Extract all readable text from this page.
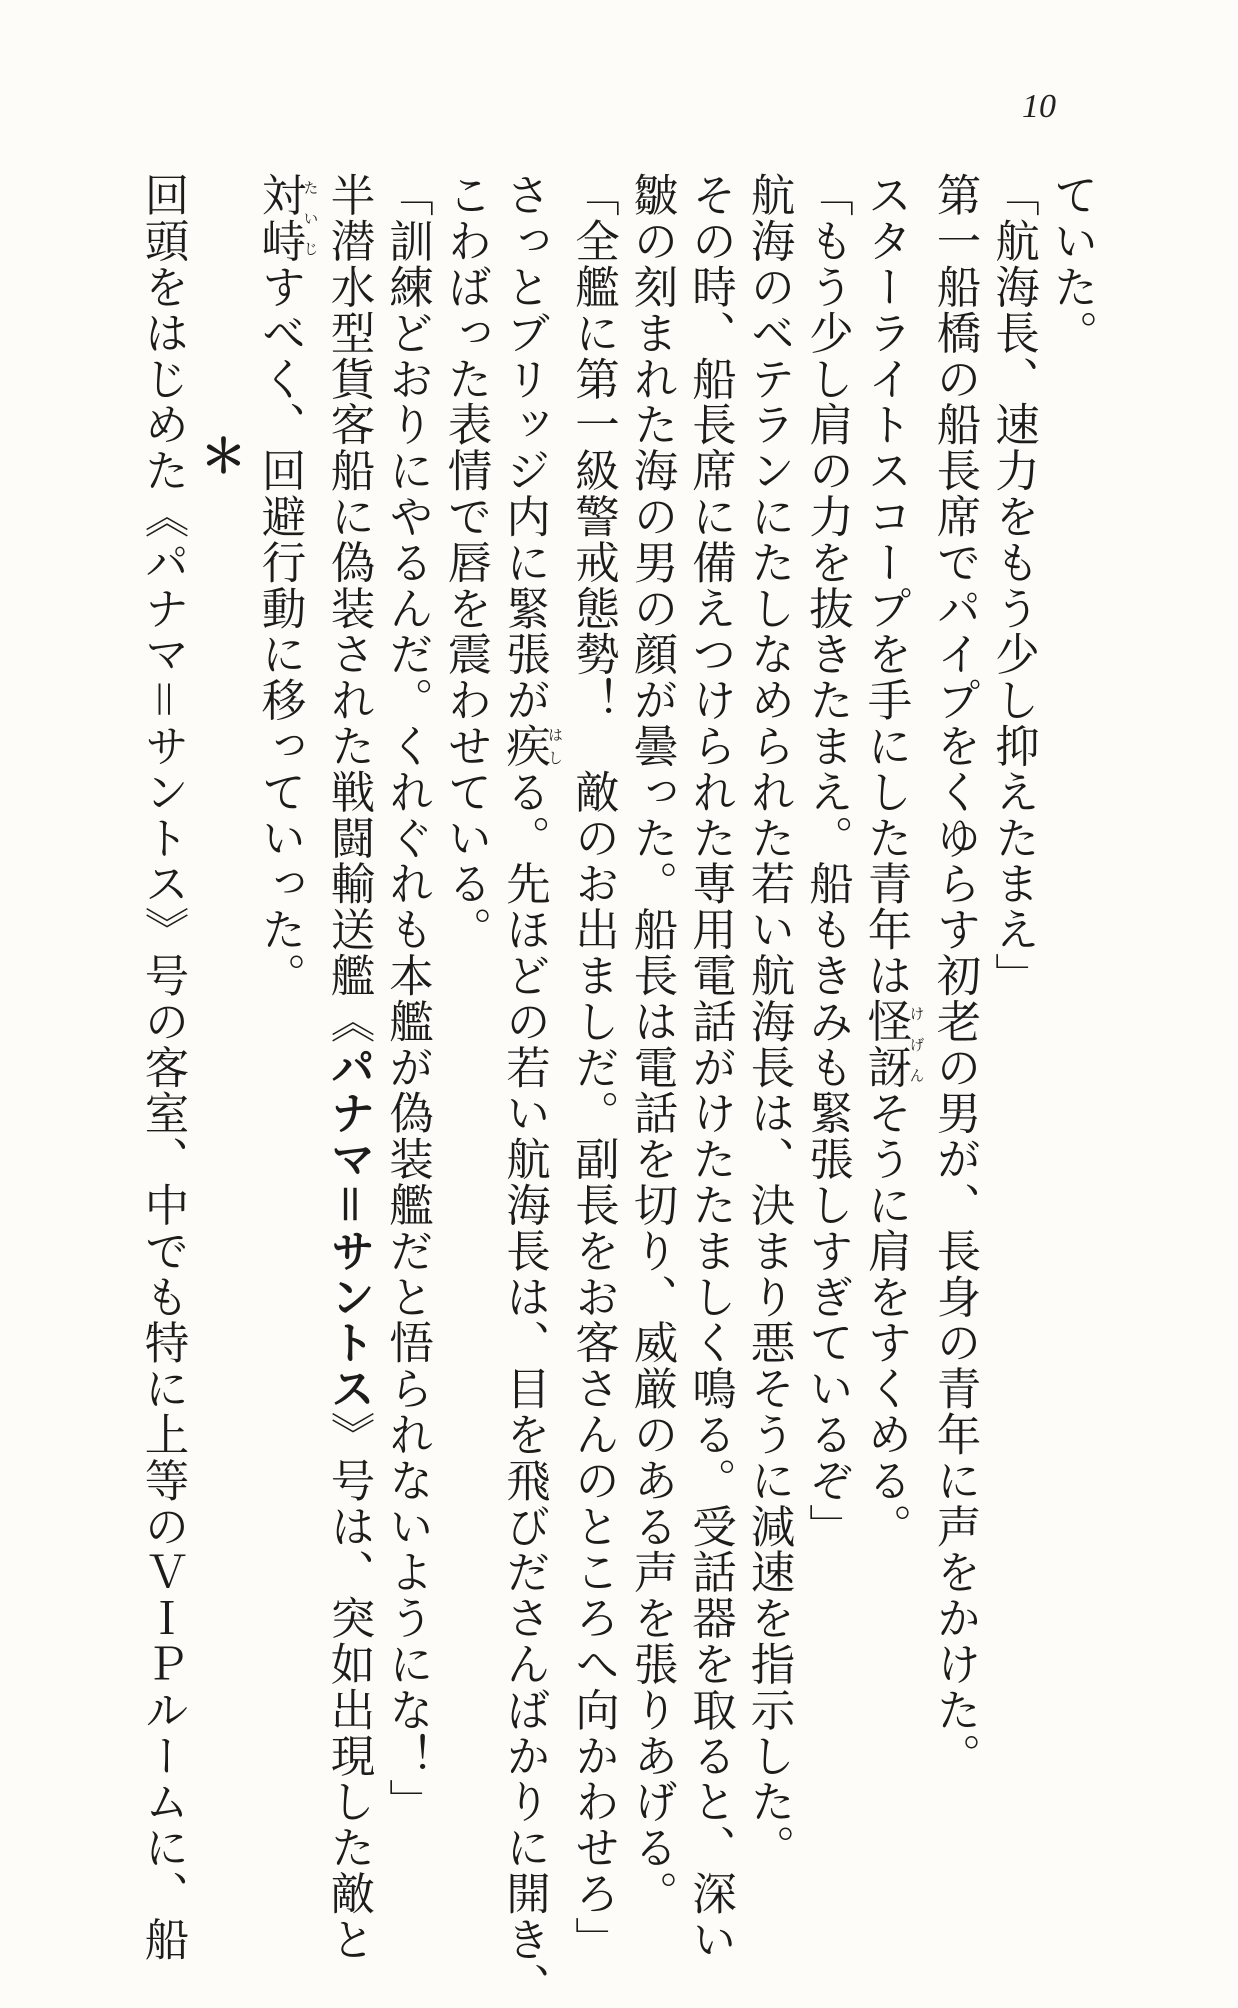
10
ていた。
「航海長、速力をもう少し抑えたまえ」
第一船橋の船長席でパイプをくゆらす初老の男が、長身の青年に声をかけた。
スターライトスコープを手にした青年は怪訝けげんそうに肩をすくめる。
「もう少し肩の力を抜きたまえ。船もきみも緊張しすぎているぞ」
航海のベテランにたしなめられた若い航海長は、決まり悪そうに減速を指示した。
その時、船長席に備えつけられた専用電話がけたたましく鳴る。受話器を取ると、深い
皺の刻まれた海の男の顔が曇った。船長は電話を切り、威厳のある声を張りあげる。
「全艦に第一級警戒態勢！　敵のお出ましだ。副長をお客さんのところへ向かわせろ」
さっとブリッジ内に緊張が疾はしる。先ほどの若い航海長は、目を飛びださんばかりに開き、
こわばった表情で唇を震わせている。
「訓練どおりにやるんだ。くれぐれも本艦が偽装艦だと悟られないようにな！」
半潜水型貨客船に偽装された戦闘輸送艦《パナマ＝サントス》号は、突如出現した敵と
対峙たいじすべく、回避行動に移っていった。
＊
回頭をはじめた《パナマ＝サントス》号の客室、中でも特に上等のＶＩＰルームに、船
